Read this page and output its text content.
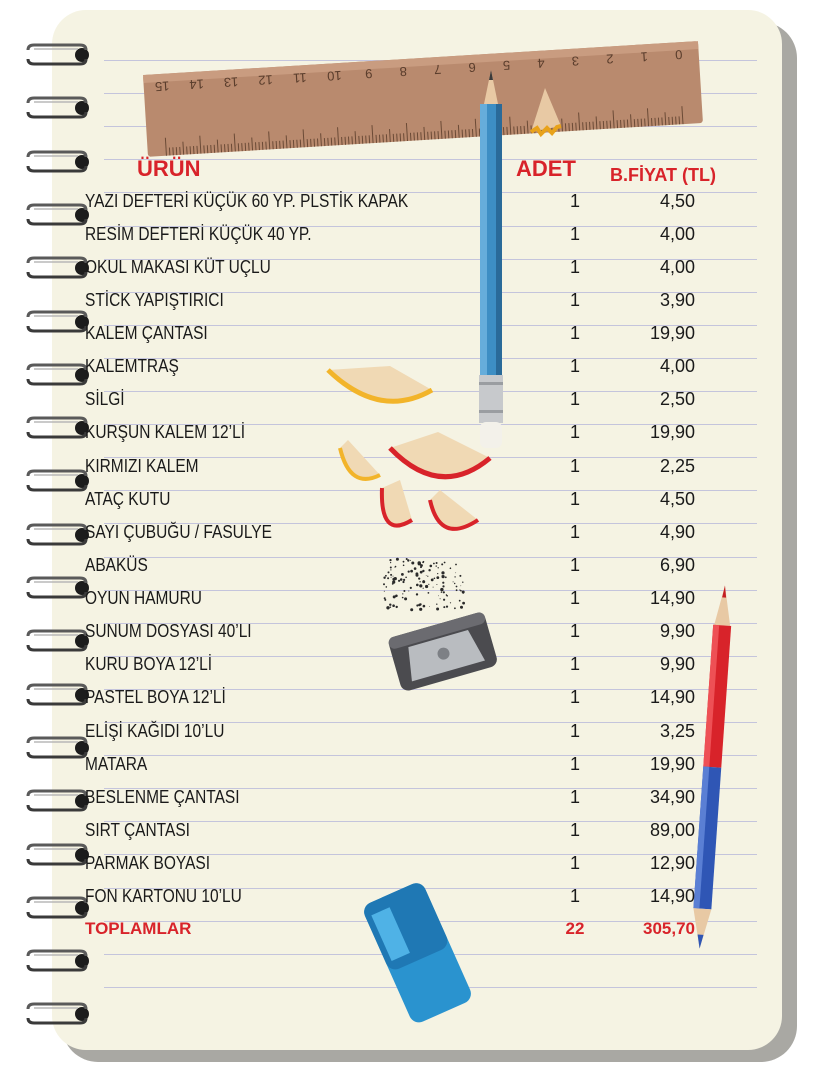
0
1
2
3
4
5
6
7
8
9
10
11
12
13
14
15
ÜRÜN	ADET B.FİYAT (TL)
YAZI DEFTERİ KÜÇÜK 60 YP. PLSTİK KAPAK	1	4,50
RESİM DEFTERİ KÜÇÜK 40 YP.	1	4,00
OKUL MAKASI KÜT UÇLU	1	4,00
STİCK YAPIŞTIRICI	1	3,90
KALEM ÇANTASI	1	19,90
KALEMTRAŞ	1	4,00
SİLGİ	1	2,50
KURŞUN KALEM 12’Lİ	1	19,90
KIRMIZI KALEM	1	2,25
ATAÇ KUTU	1	4,50
SAYI ÇUBUĞU / FASULYE	1	4,90
ABAKÜS	1	6,90
OYUN HAMURU	1	14,90
SUNUM DOSYASI 40’LI	1	9,90
KURU BOYA 12’Lİ	1	9,90
PASTEL BOYA 12’Lİ	1	14,90
ELİŞİ KAĞIDI 10’LU	1	3,25
MATARA	1	19,90
BESLENME ÇANTASI	1	34,90
SIRT ÇANTASI	1	89,00
PARMAK BOYASI	1	12,90
FON KARTONU 10’LU	1	14,90
TOPLAMLAR	22	305,70
